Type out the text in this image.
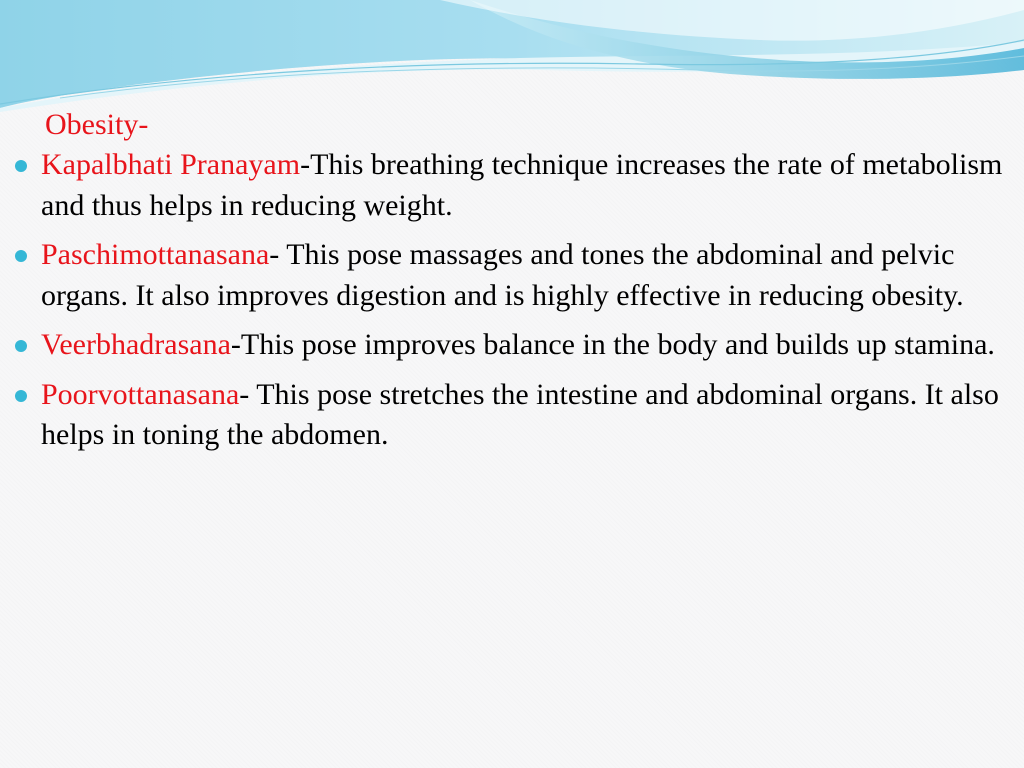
Obesity-
Kapalbhati Pranayam-This breathing technique increases the rate of metabolism and thus helps in reducing weight.
Paschimottanasana- This pose massages and tones the abdominal and pelvic organs. It also improves digestion and is highly effective in reducing obesity.
Veerbhadrasana-This pose improves balance in the body and builds up stamina.
Poorvottanasana- This pose stretches the intestine and abdominal organs. It also helps in toning the abdomen.
